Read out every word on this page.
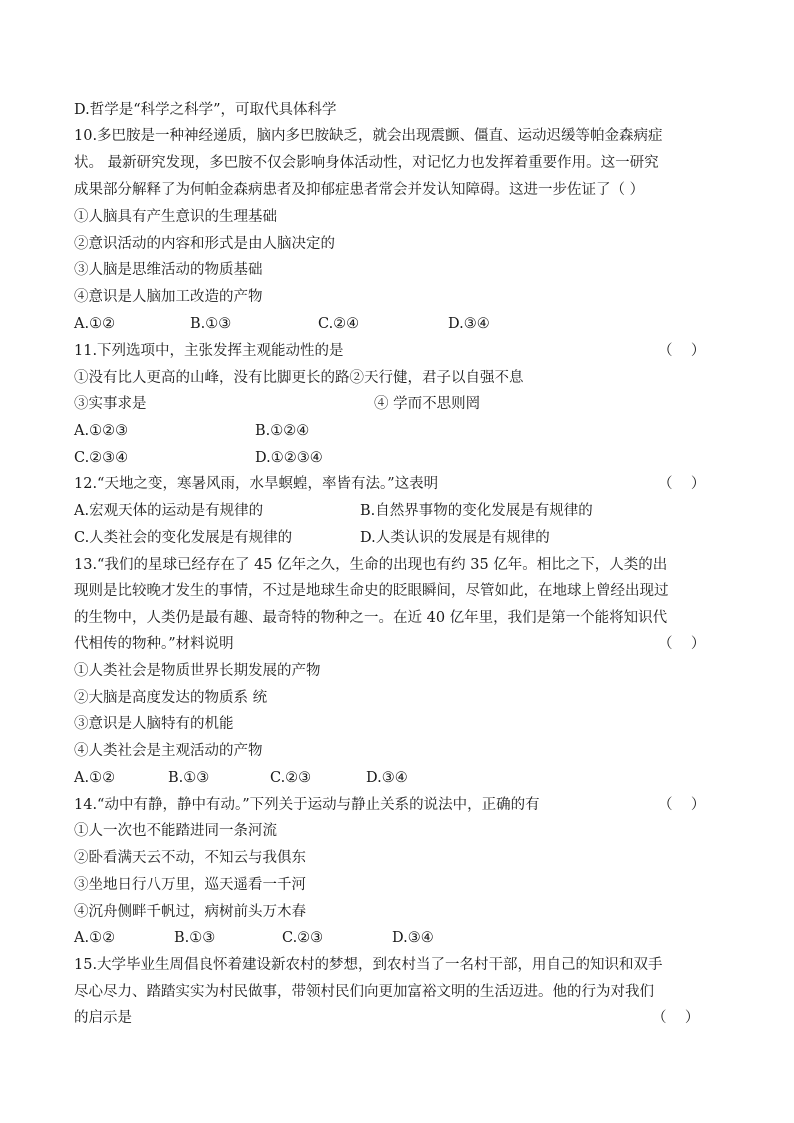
D.哲学是“科学之科学”，可取代具体科学
10.多巴胺是一种神经递质，脑内多巴胺缺乏，就会出现震颤、僵直、运动迟缓等帕金森病症
状。 最新研究发现，多巴胺不仅会影响身体活动性，对记忆力也发挥着重要作用。这一研究
成果部分解释了为何帕金森病患者及抑郁症患者常会并发认知障碍。这进一步佐证了（ ）
①人脑具有产生意识的生理基础
②意识活动的内容和形式是由人脑决定的
③人脑是思维活动的物质基础
④意识是人脑加工改造的产物
A.①②	B.①③	C.②④	D.③④
11.下列选项中，主张发挥主观能动性的是	（    ）
①没有比人更高的山峰，没有比脚更长的路②天行健，君子以自强不息
③实事求是	④ 学而不思则罔
A.①②③	B.①②④
C.②③④	D.①②③④
12.“天地之变，寒暑风雨，水旱螟蝗，率皆有法。”这表明	（    ）
A.宏观天体的运动是有规律的	B.自然界事物的变化发展是有规律的
C.人类社会的变化发展是有规律的	D.人类认识的发展是有规律的
13.“我们的星球已经存在了 45 亿年之久，生命的出现也有约 35 亿年。相比之下，人类的出
现则是比较晚才发生的事情，不过是地球生命史的眨眼瞬间，尽管如此，在地球上曾经出现过
的生物中，人类仍是最有趣、最奇特的物种之一。在近 40 亿年里，我们是第一个能将知识代
代相传的物种。”材料说明	（    ）
①人类社会是物质世界长期发展的产物
②大脑是高度发达的物质系 统
③意识是人脑特有的机能
④人类社会是主观活动的产物
A.①②	B.①③	C.②③	D.③④
14.“动中有静，静中有动。”下列关于运动与静止关系的说法中，正确的有	（    ）
①人一次也不能踏进同一条河流
②卧看满天云不动，不知云与我俱东
③坐地日行八万里，巡天遥看一千河
④沉舟侧畔千帆过，病树前头万木春
A.①②	B.①③	C.②③	D.③④
15.大学毕业生周倡良怀着建设新农村的梦想，到农村当了一名村干部，用自己的知识和双手
尽心尽力、踏踏实实为村民做事，带领村民们向更加富裕文明的生活迈进。他的行为对我们
的启示是	（    ）
